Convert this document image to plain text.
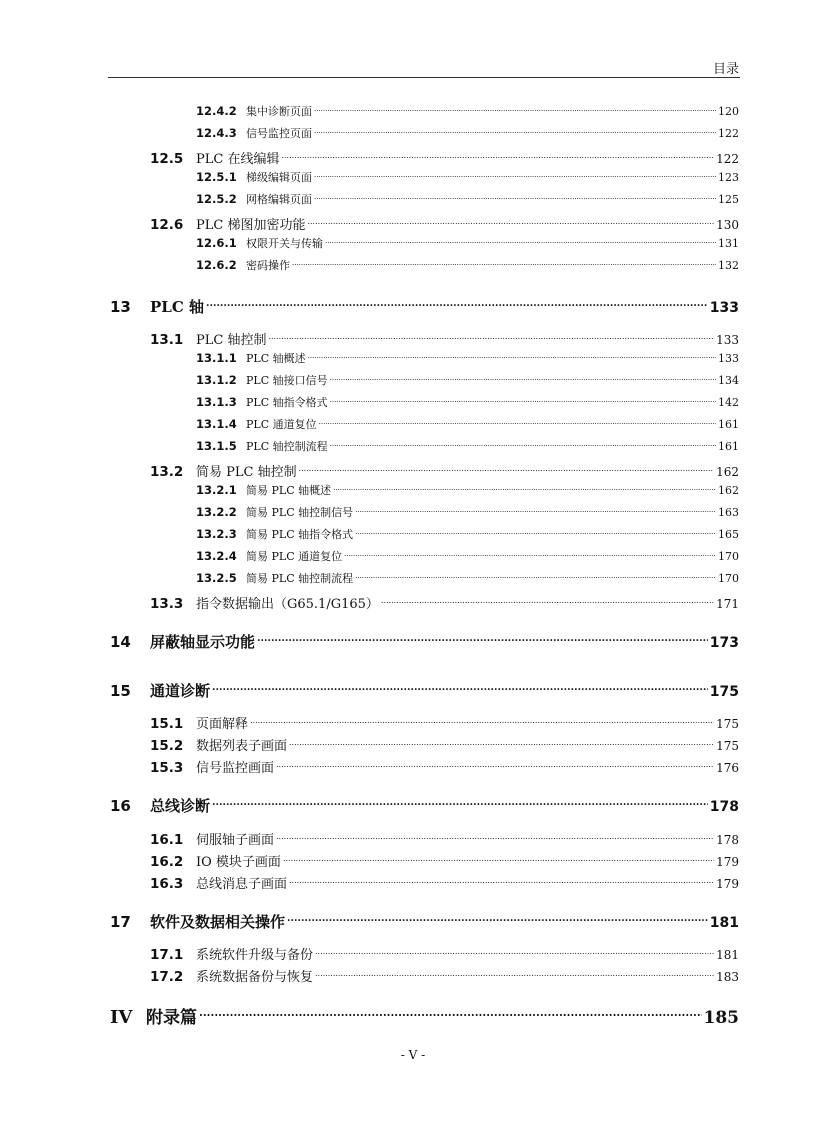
目录
12.4.2 集中诊断页面 .....	120
12.4.3 信号监控页面 .....	122
12.5 PLC 在线编辑 .....	122
12.5.1 梯级编辑页面 .....	123
12.5.2 网格编辑页面 .....	125
12.6 PLC 梯图加密功能 .....	130
12.6.1 权限开关与传输 .....	131
12.6.2 密码操作 .....	132
13	PLC 轴 .....	133
13.1 PLC 轴控制 .....	133
13.1.1 PLC 轴概述 .....	133
13.1.2 PLC 轴接口信号 .....	134
13.1.3 PLC 轴指令格式 .....	142
13.1.4 PLC 通道复位 .....	161
13.1.5 PLC 轴控制流程 .....	161
13.2 简易 PLC 轴控制 .....	162
13.2.1 简易 PLC 轴概述 .....	162
13.2.2 简易 PLC 轴控制信号 .....	163
13.2.3 简易 PLC 轴指令格式 .....	165
13.2.4 简易 PLC 通道复位 .....	170
13.2.5 简易 PLC 轴控制流程 .....	170
13.3 指令数据输出（G65.1/G165） .....	171
14	屏蔽轴显示功能 .....	173
15	通道诊断 .....	175
15.1 页面解释 .....	175
15.2 数据列表子画面 .....	175
15.3 信号监控画面 .....	176
16	总线诊断 .....	178
16.1 伺服轴子画面 .....	178
16.2 IO 模块子画面 .....	179
16.3 总线消息子画面 .....	179
17	软件及数据相关操作 .....	181
17.1 系统软件升级与备份 .....	181
17.2 系统数据备份与恢复 .....	183
IV 附录篇 .....	185
- V -
